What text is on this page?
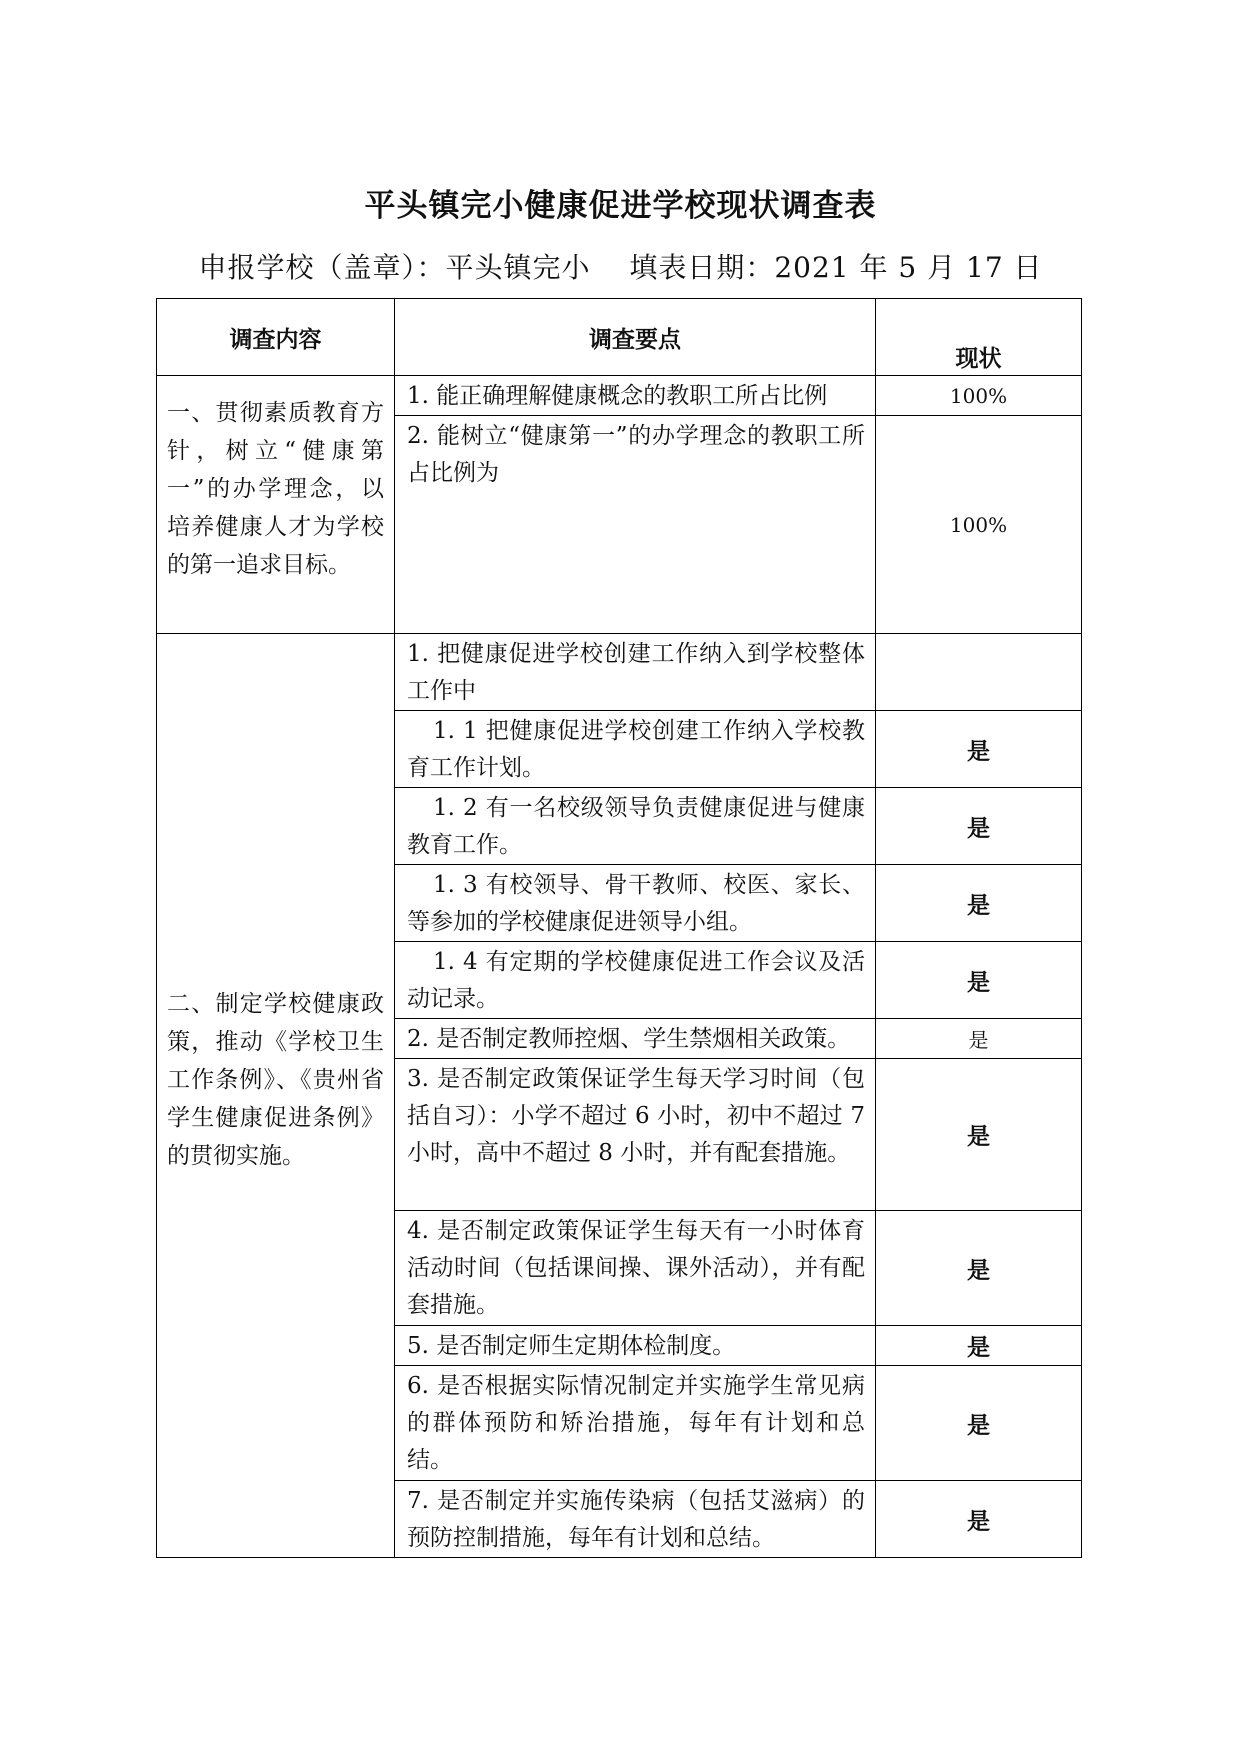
平头镇完小健康促进学校现状调查表
申报学校（盖章）：平头镇完小　 填表日期：2021 年 5 月 17 日
调查内容	调查要点	现状

一、贯彻素质教育方针，树立“健康第一”的办学理念，以培养健康人才为学校的第一追求目标。	1. 能正确理解健康概念的教职工所占比例	100%
	2. 能树立“健康第一”的办学理念的教职工所占比例为	100%

二、制定学校健康政策，推动《学校卫生工作条例》、《贵州省学生健康促进条例》的贯彻实施。	1. 把健康促进学校创建工作纳入到学校整体工作中	
	1. 1 把健康促进学校创建工作纳入学校教育工作计划。	是
	1. 2 有一名校级领导负责健康促进与健康教育工作。	是
	1. 3 有校领导、骨干教师、校医、家长、等参加的学校健康促进领导小组。	是
	1. 4 有定期的学校健康促进工作会议及活动记录。	是
	2. 是否制定教师控烟、学生禁烟相关政策。	是
	3. 是否制定政策保证学生每天学习时间（包括自习）：小学不超过 6 小时，初中不超过 7 小时，高中不超过 8 小时，并有配套措施。	是
	4. 是否制定政策保证学生每天有一小时体育活动时间（包括课间操、课外活动），并有配套措施。	是
	5. 是否制定师生定期体检制度。	是
	6. 是否根据实际情况制定并实施学生常见病的群体预防和矫治措施，每年有计划和总结。	是
	7. 是否制定并实施传染病（包括艾滋病）的预防控制措施，每年有计划和总结。	是
